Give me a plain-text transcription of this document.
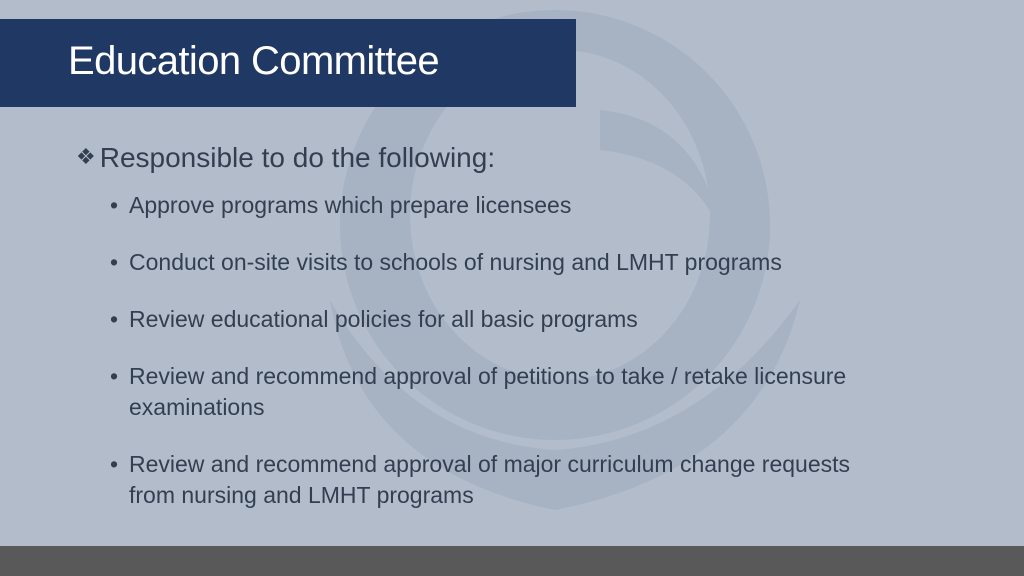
Education Committee
❖ Responsible to do the following:
• Approve programs which prepare licensees
• Conduct on-site visits to schools of nursing and LMHT programs
• Review educational policies for all basic programs
• Review and recommend approval of petitions to take / retake licensure examinations
• Review and recommend approval of major curriculum change requests from nursing and LMHT programs
